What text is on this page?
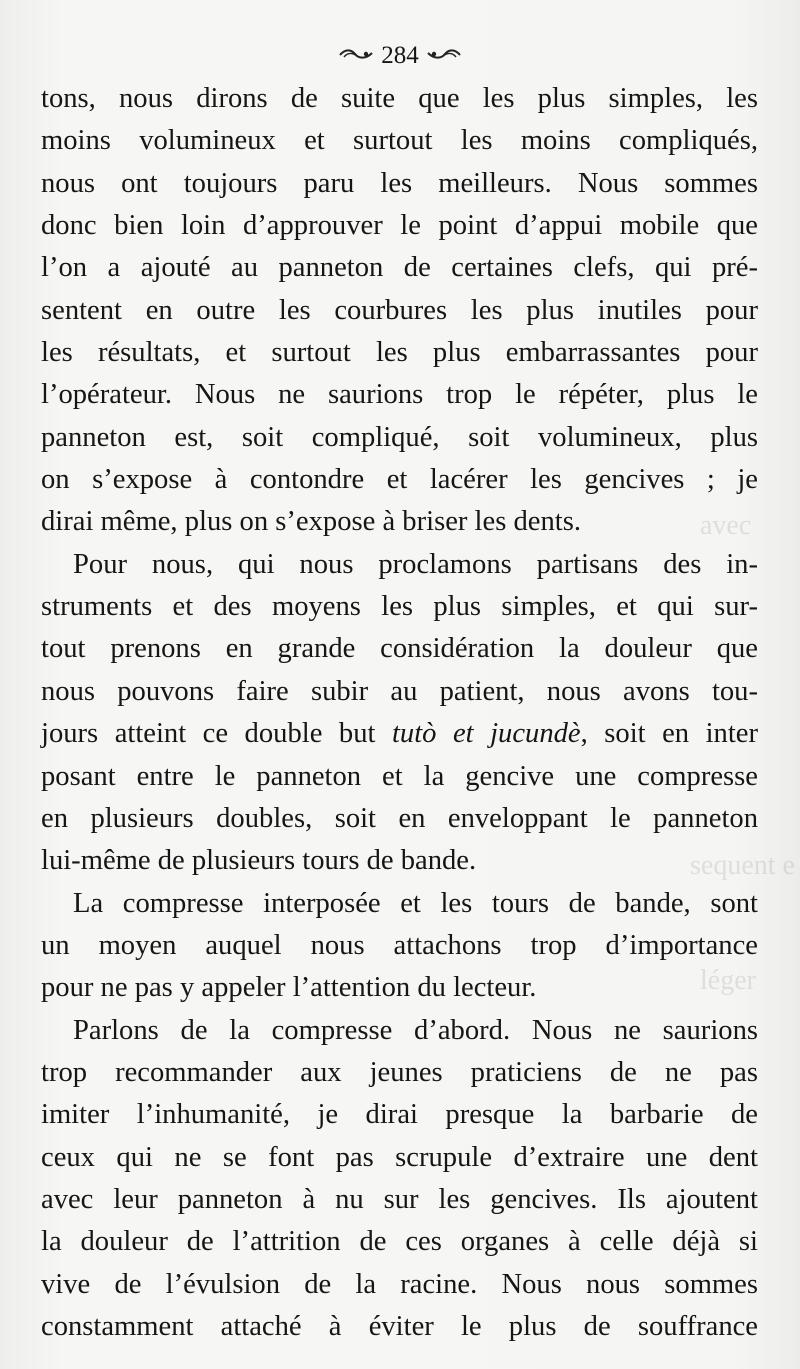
284
avec
sequent e
léger
tons, nous dirons de suite que les plus simples, les
moins volumineux et surtout les moins compliqués,
nous ont toujours paru les meilleurs. Nous sommes
donc bien loin d’approuver le point d’appui mobile que
l’on a ajouté au panneton de certaines clefs, qui pré-
sentent en outre les courbures les plus inutiles pour
les résultats, et surtout les plus embarrassantes pour
l’opérateur. Nous ne saurions trop le répéter, plus le
panneton est, soit compliqué, soit volumineux, plus
on s’expose à contondre et lacérer les gencives ; je
dirai même, plus on s’expose à briser les dents.
Pour nous, qui nous proclamons partisans des in-
struments et des moyens les plus simples, et qui sur-
tout prenons en grande considération la douleur que
nous pouvons faire subir au patient, nous avons tou-
jours atteint ce double but tutò et jucundè, soit en inter
posant entre le panneton et la gencive une compresse
en plusieurs doubles, soit en enveloppant le panneton
lui-même de plusieurs tours de bande.
La compresse interposée et les tours de bande, sont
un moyen auquel nous attachons trop d’importance
pour ne pas y appeler l’attention du lecteur.
Parlons de la compresse d’abord. Nous ne saurions
trop recommander aux jeunes praticiens de ne pas
imiter l’inhumanité, je dirai presque la barbarie de
ceux qui ne se font pas scrupule d’extraire une dent
avec leur panneton à nu sur les gencives. Ils ajoutent
la douleur de l’attrition de ces organes à celle déjà si
vive de l’évulsion de la racine. Nous nous sommes
constamment attaché à éviter le plus de souffrance
